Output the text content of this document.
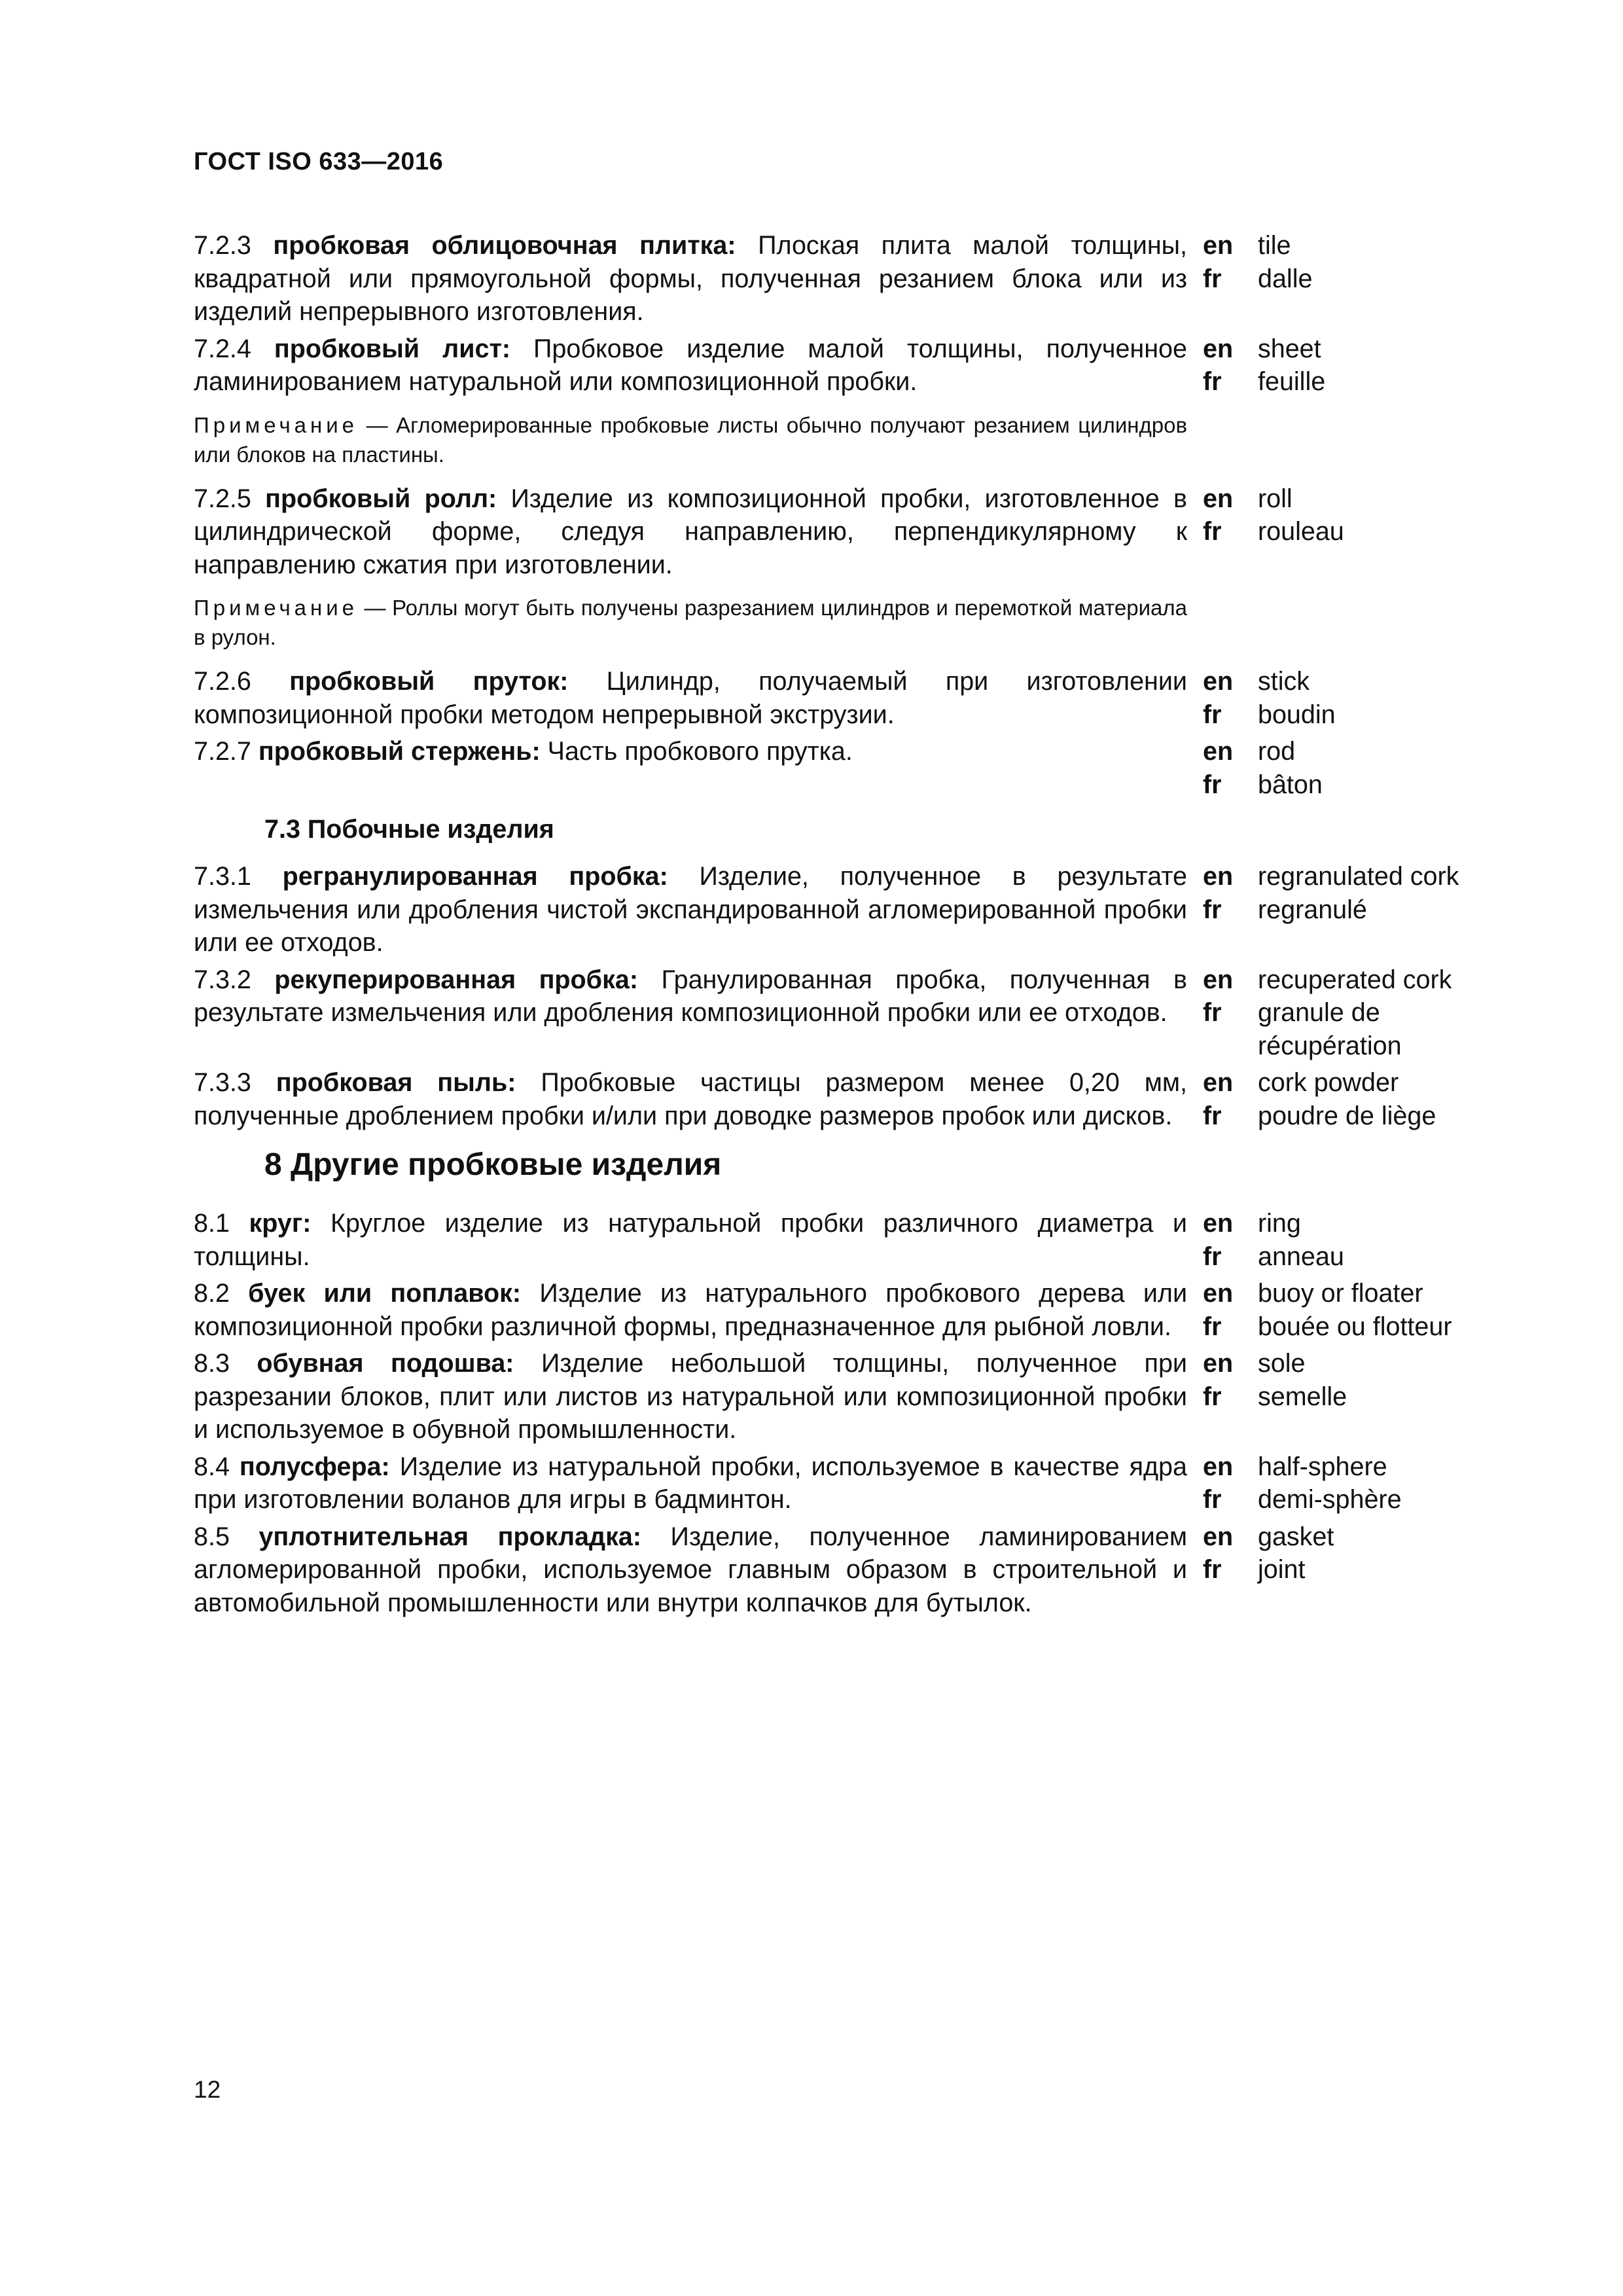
ГОСТ ISO 633—2016
7.2.3 пробковая облицовочная плитка: Плоская плита малой толщины, квадратной или прямоугольной формы, полученная резанием блока или из изделий непрерывного изготовления.
en tile
fr	dalle
7.2.4 пробковый лист: Пробковое изделие малой толщины, полученное ламинированием натуральной или композиционной пробки.
en sheet
fr	feuille
Примечание — Агломерированные пробковые листы обычно получают резанием цилиндров или блоков на пластины.
7.2.5 пробковый ролл: Изделие из композиционной пробки, изготовленное в цилиндрической форме, следуя направлению, перпендикулярному к направлению сжатия при изготовлении.
en roll
fr	rouleau
Примечание — Роллы могут быть получены разрезанием цилиндров и перемоткой материала в рулон.
7.2.6 пробковый пруток: Цилиндр, получаемый при изготовлении композиционной пробки методом непрерывной экструзии.
en stick
fr	boudin
7.2.7 пробковый стержень: Часть пробкового прутка.	en rod
fr	bâton
7.3 Побочные изделия
7.3.1 регранулированная пробка: Изделие, полученное в результате измельчения или дробления чистой экспандированной агломерированной пробки или ее отходов.
en regranulated cork
fr	regranulé
7.3.2 рекуперированная пробка: Гранулированная пробка, полученная в результате измельчения или дробления композиционной пробки или ее отходов.
en recuperated cork
fr	granule de récupération
7.3.3 пробковая пыль: Пробковые частицы размером менее 0,20 мм, полученные дроблением пробки и/или при доводке размеров пробок или дисков.
en cork powder
fr	poudre de liège
8 Другие пробковые изделия
8.1 круг: Круглое изделие из натуральной пробки различного диаметра и толщины.
en ring
fr	anneau
8.2 буек или поплавок: Изделие из натурального пробкового дерева или композиционной пробки различной формы, предназначенное для рыбной ловли.
en buoy or floater
fr	bouée ou flotteur
8.3 обувная подошва: Изделие небольшой толщины, полученное при разрезании блоков, плит или листов из натуральной или композиционной пробки и используемое в обувной промышленности.
en sole
fr	semelle
8.4 полусфера: Изделие из натуральной пробки, используемое в качестве ядра при изготовлении воланов для игры в бадминтон.
en half-sphere
fr	demi-sphère
8.5 уплотнительная прокладка: Изделие, полученное ламинированием агломерированной пробки, используемое главным образом в строительной и автомобильной промышленности или внутри колпачков для бутылок.
en gasket
fr	joint
12
